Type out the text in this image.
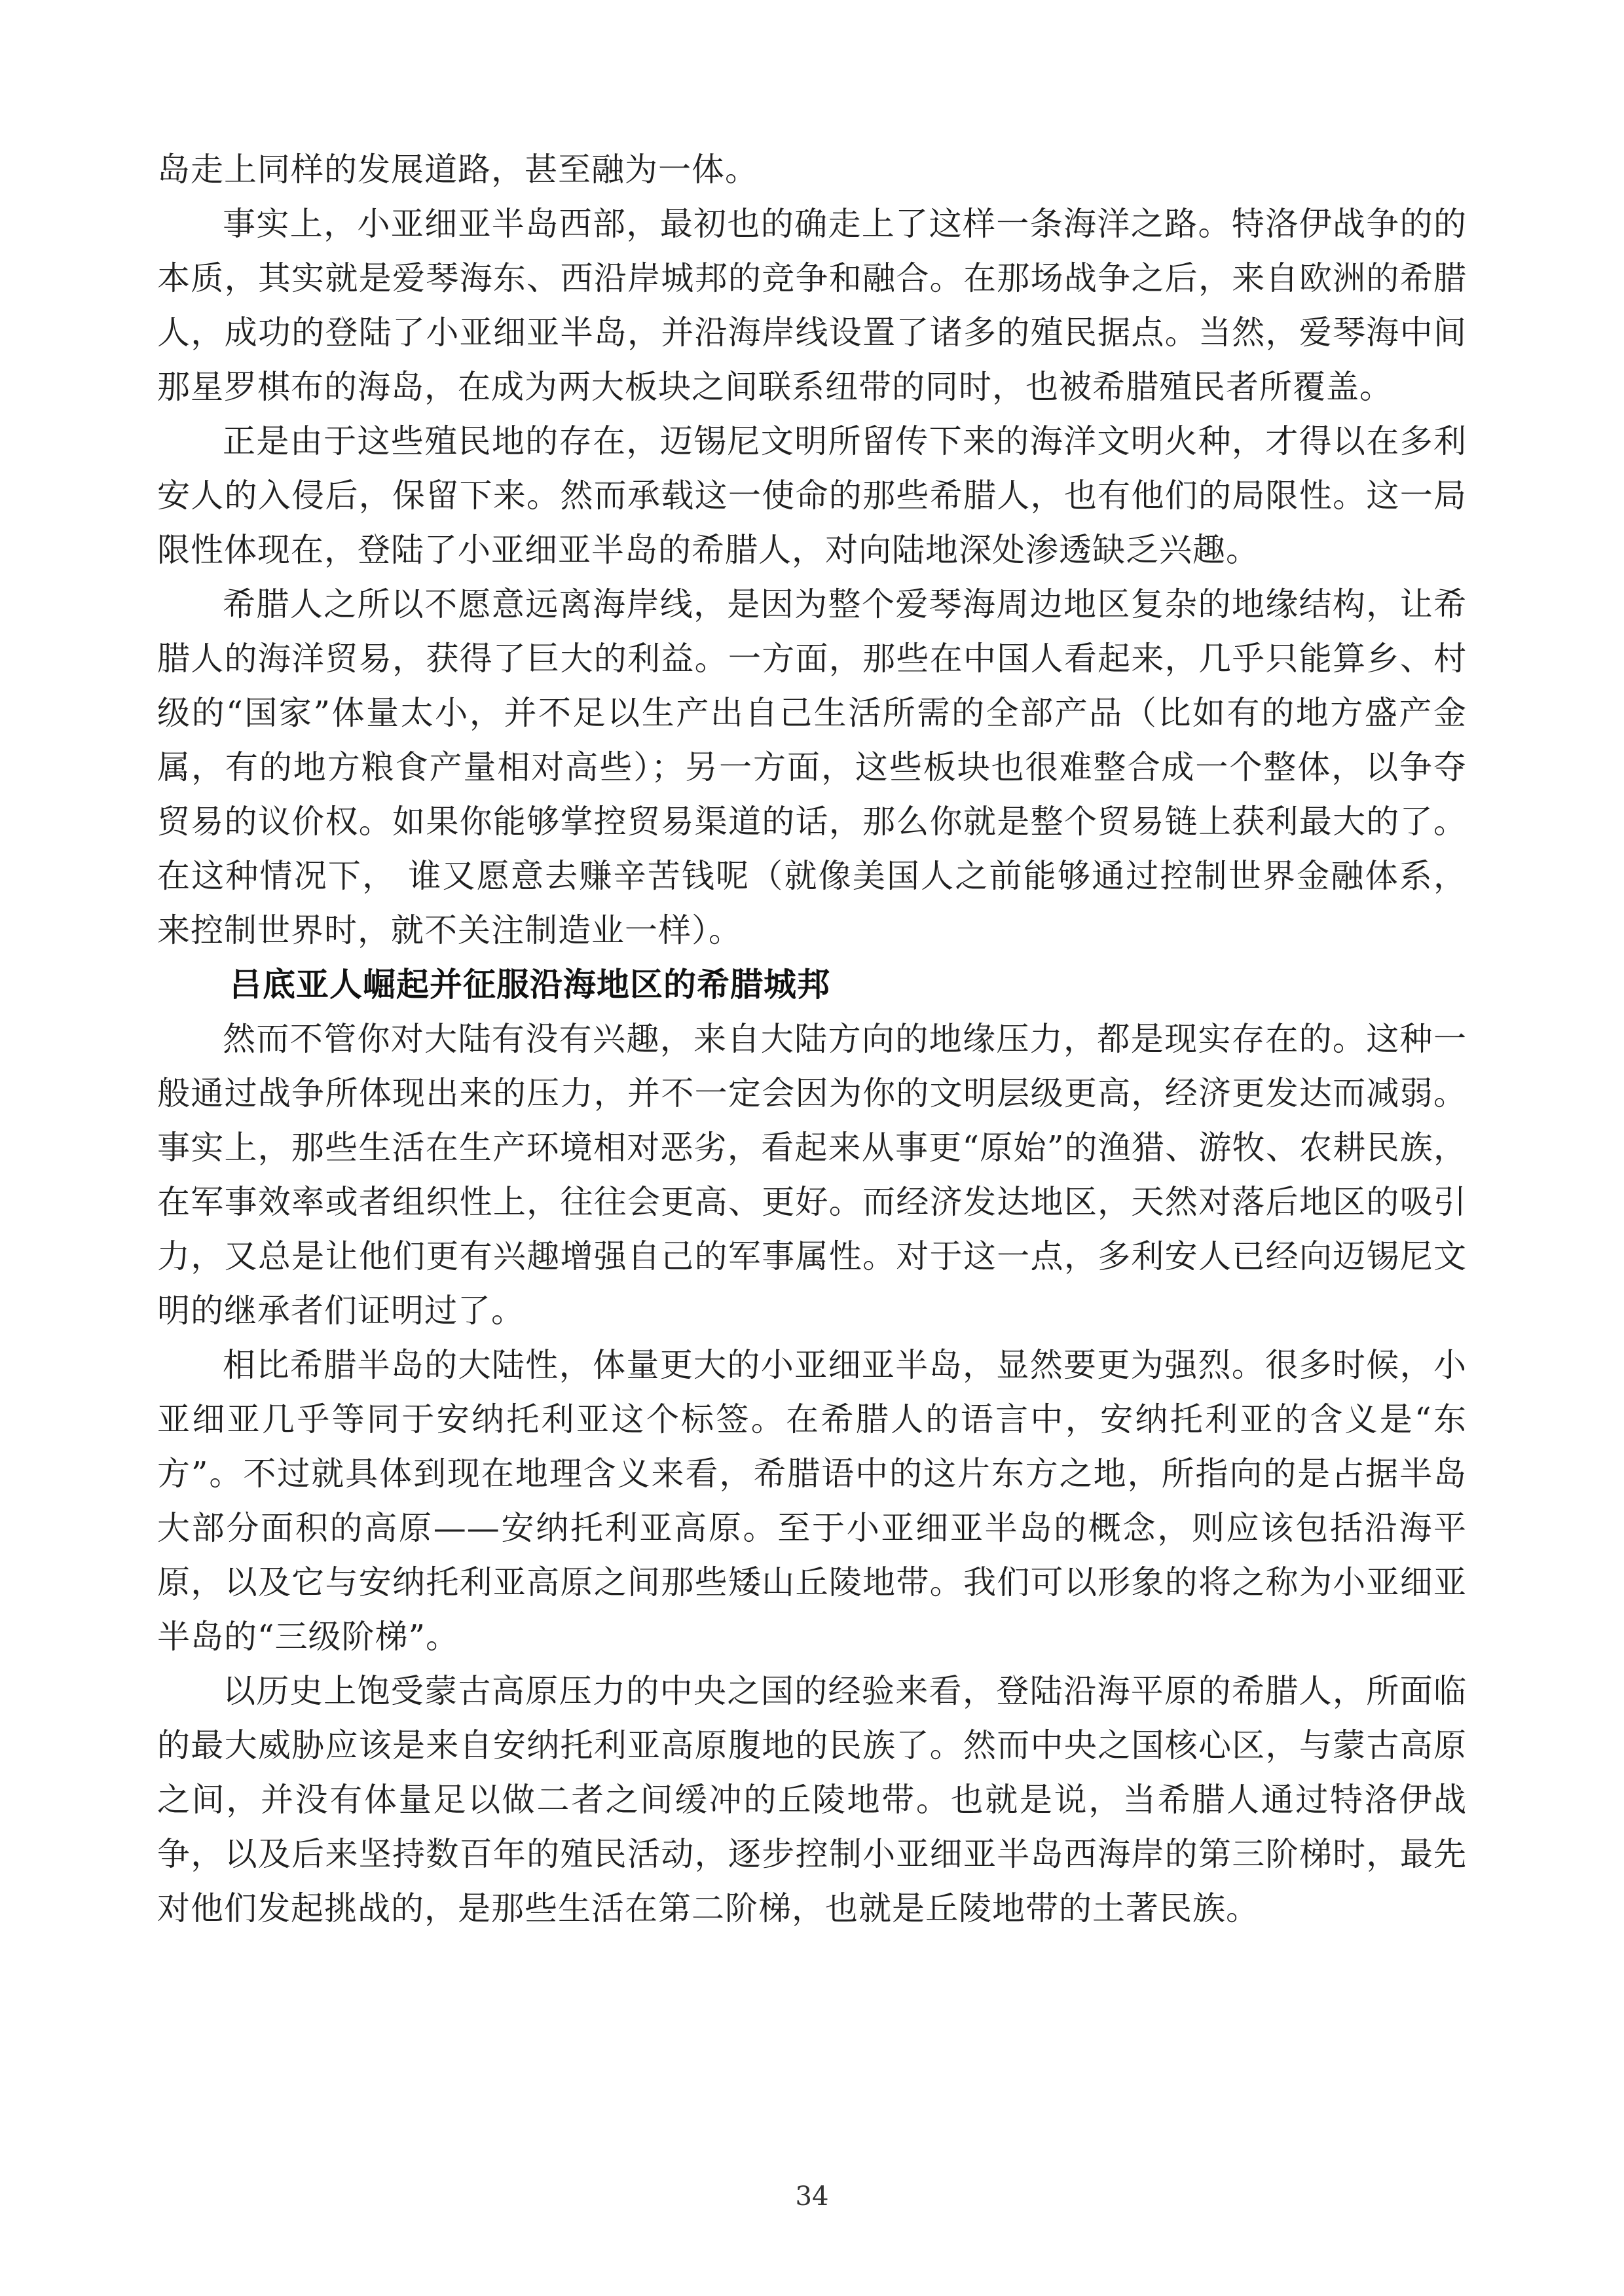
岛走上同样的发展道路，甚至融为一体。

事实上，小亚细亚半岛西部，最初也的确走上了这样一条海洋之路。特洛伊战争的的本质，其实就是爱琴海东、西沿岸城邦的竞争和融合。在那场战争之后，来自欧洲的希腊人，成功的登陆了小亚细亚半岛，并沿海岸线设置了诸多的殖民据点。当然，爱琴海中间那星罗棋布的海岛，在成为两大板块之间联系纽带的同时，也被希腊殖民者所覆盖。

正是由于这些殖民地的存在，迈锡尼文明所留传下来的海洋文明火种，才得以在多利安人的入侵后，保留下来。然而承载这一使命的那些希腊人，也有他们的局限性。这一局限性体现在，登陆了小亚细亚半岛的希腊人，对向陆地深处渗透缺乏兴趣。

希腊人之所以不愿意远离海岸线，是因为整个爱琴海周边地区复杂的地缘结构，让希腊人的海洋贸易，获得了巨大的利益。一方面，那些在中国人看起来，几乎只能算乡、村级的“国家”体量太小，并不足以生产出自己生活所需的全部产品（比如有的地方盛产金属，有的地方粮食产量相对高些）；另一方面，这些板块也很难整合成一个整体，以争夺贸易的议价权。如果你能够掌控贸易渠道的话，那么你就是整个贸易链上获利最大的了。在这种情况下， 谁又愿意去赚辛苦钱呢（就像美国人之前能够通过控制世界金融体系，来控制世界时，就不关注制造业一样）。

吕底亚人崛起并征服沿海地区的希腊城邦

然而不管你对大陆有没有兴趣，来自大陆方向的地缘压力，都是现实存在的。这种一般通过战争所体现出来的压力，并不一定会因为你的文明层级更高，经济更发达而减弱。事实上，那些生活在生产环境相对恶劣，看起来从事更“原始”的渔猎、游牧、农耕民族，在军事效率或者组织性上，往往会更高、更好。而经济发达地区，天然对落后地区的吸引力，又总是让他们更有兴趣增强自己的军事属性。对于这一点，多利安人已经向迈锡尼文明的继承者们证明过了。

相比希腊半岛的大陆性，体量更大的小亚细亚半岛，显然要更为强烈。很多时候，小亚细亚几乎等同于安纳托利亚这个标签。在希腊人的语言中，安纳托利亚的含义是“东方”。不过就具体到现在地理含义来看，希腊语中的这片东方之地，所指向的是占据半岛大部分面积的高原——安纳托利亚高原。至于小亚细亚半岛的概念，则应该包括沿海平原，以及它与安纳托利亚高原之间那些矮山丘陵地带。我们可以形象的将之称为小亚细亚半岛的“三级阶梯”。

以历史上饱受蒙古高原压力的中央之国的经验来看，登陆沿海平原的希腊人，所面临的最大威胁应该是来自安纳托利亚高原腹地的民族了。然而中央之国核心区，与蒙古高原之间，并没有体量足以做二者之间缓冲的丘陵地带。也就是说，当希腊人通过特洛伊战争，以及后来坚持数百年的殖民活动，逐步控制小亚细亚半岛西海岸的第三阶梯时，最先对他们发起挑战的，是那些生活在第二阶梯，也就是丘陵地带的土著民族。

34
